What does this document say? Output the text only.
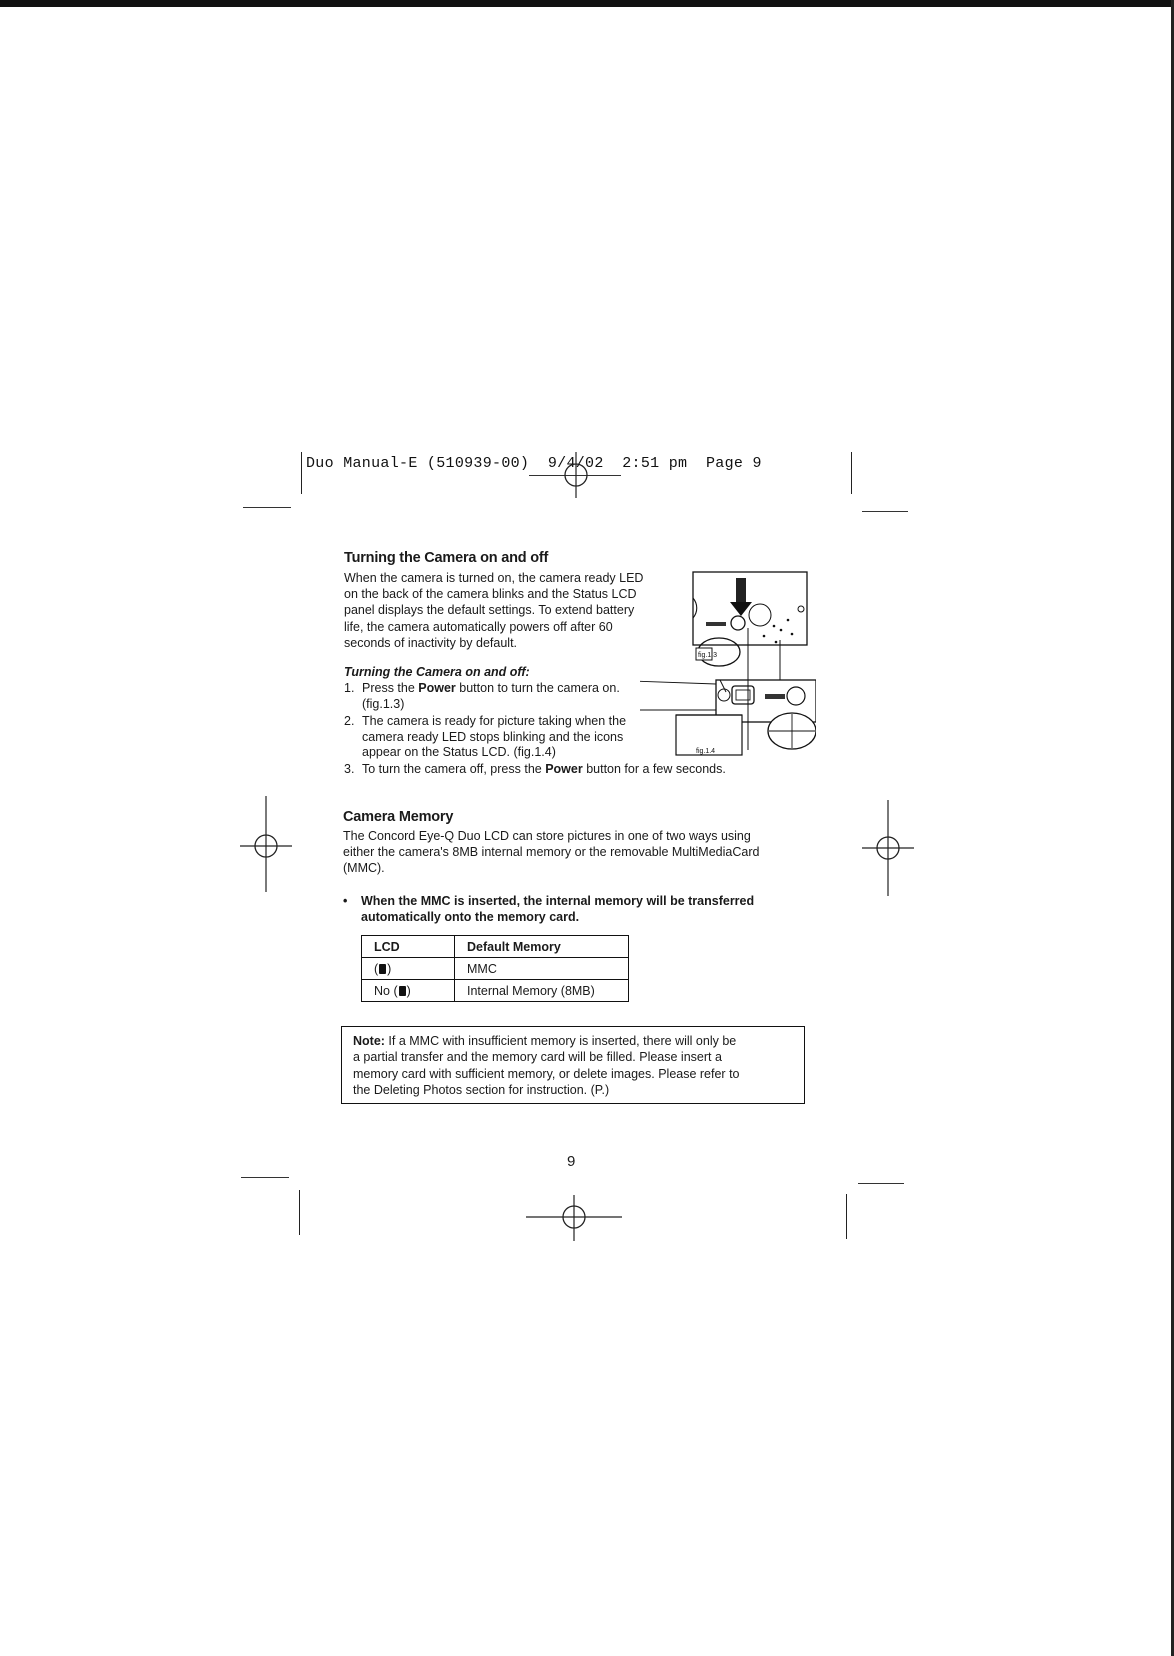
Duo Manual-E (510939-00)  9/4/02  2:51 pm  Page 9
Turning the Camera on and off
When the camera is turned on, the camera ready LED
on the back of the camera blinks and the Status LCD
panel displays the default settings. To extend battery
life, the camera automatically powers off after 60
seconds of inactivity by default.
Turning the Camera on and off:
1. Press the Power button to turn the camera on.
(fig.1.3)
2. The camera is ready for picture taking when the
camera ready LED stops blinking and the icons
appear on the Status LCD. (fig.1.4)
3. To turn the camera off, press the Power button for a few seconds.
fig.1.3
fig.1.4
Camera Memory
The Concord Eye-Q Duo LCD can store pictures in one of two ways using
either the camera's 8MB internal memory or the removable MultiMediaCard
(MMC).
•	When the MMC is inserted, the internal memory will be transferred
automatically onto the memory card.
LCD	Default Memory
( )	MMC
No ( )	Internal Memory (8MB)
Note: If a MMC with insufficient memory is inserted, there will only be
a partial transfer and the memory card will be filled. Please insert a
memory card with sufficient memory, or delete images. Please refer to
the Deleting Photos section for instruction. (P.)
9
